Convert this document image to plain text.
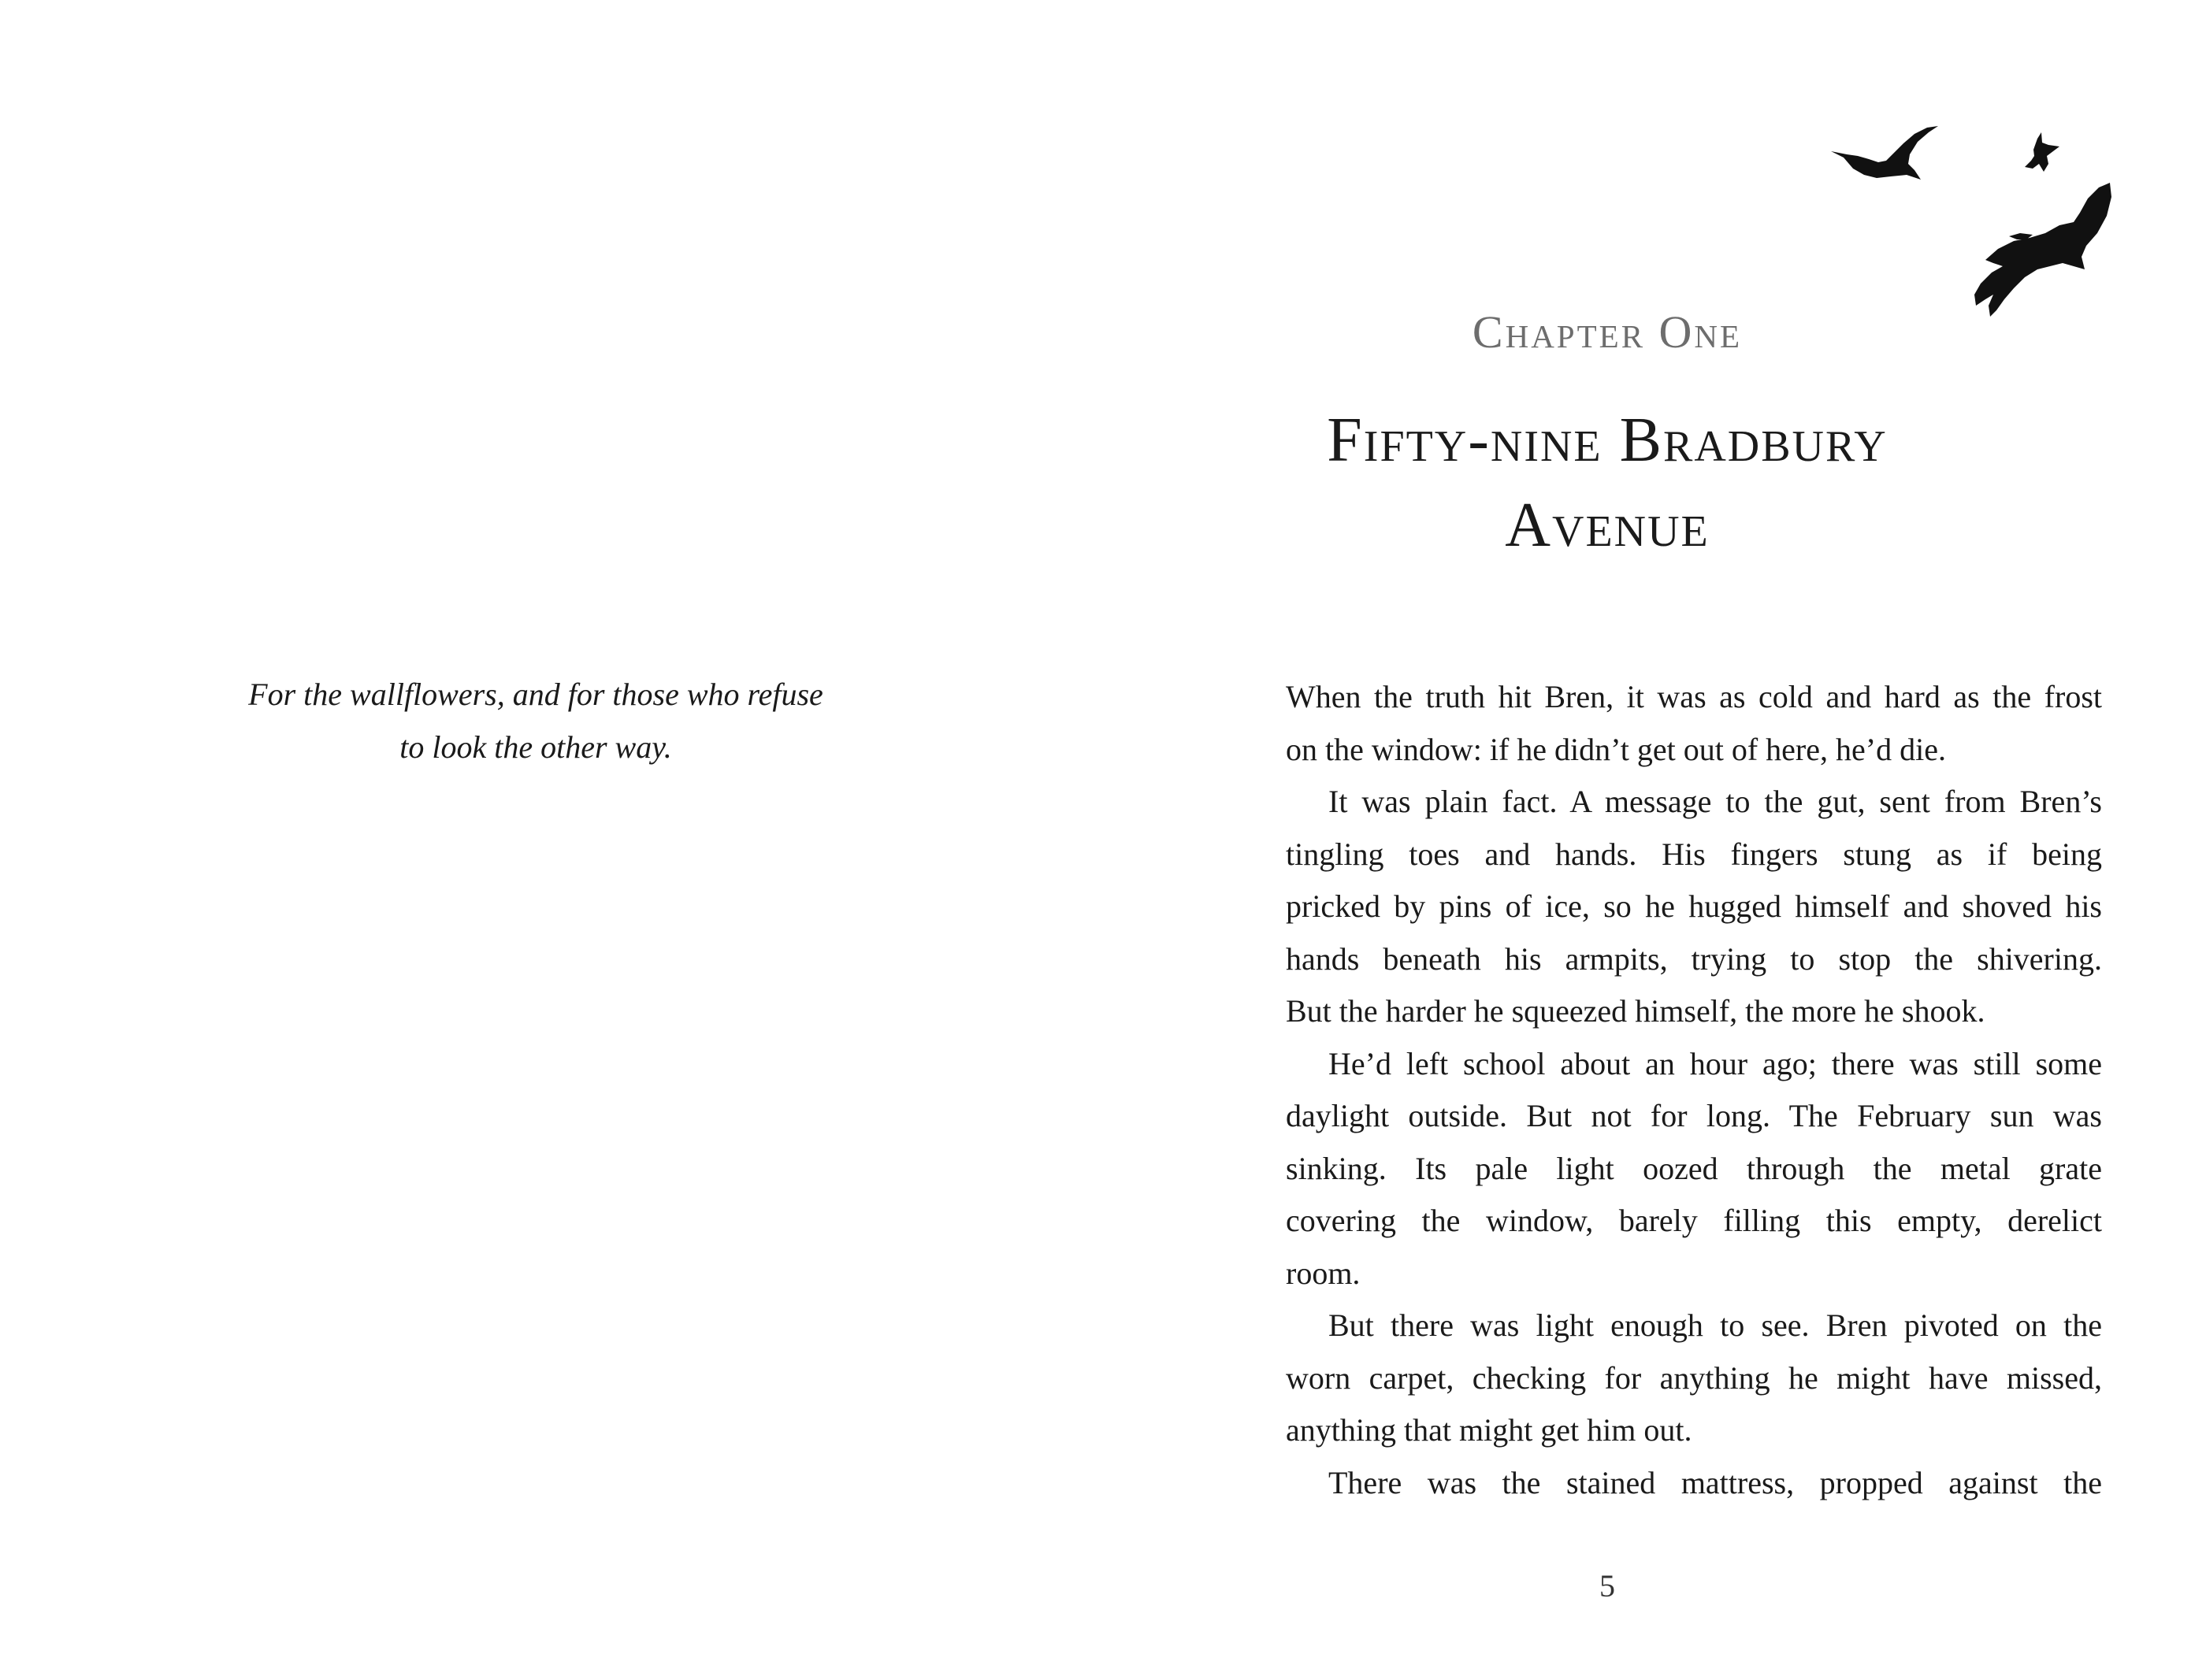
For the wallflowers, and for those who refuse
to look the other way.
Chapter One
Fifty-nine Bradbury
Avenue
When the truth hit Bren, it was as cold and hard as the frost
on the window: if he didn’t get out of here, he’d die.
It was plain fact. A message to the gut, sent from Bren’s
tingling toes and hands. His fingers stung as if being
pricked by pins of ice, so he hugged himself and shoved his
hands beneath his armpits, trying to stop the shivering.
But the harder he squeezed himself, the more he shook.
He’d left school about an hour ago; there was still some
daylight outside. But not for long. The February sun was
sinking. Its pale light oozed through the metal grate
covering the window, barely filling this empty, derelict
room.
But there was light enough to see. Bren pivoted on the
worn carpet, checking for anything he might have missed,
anything that might get him out.
There was the stained mattress, propped against the
5
